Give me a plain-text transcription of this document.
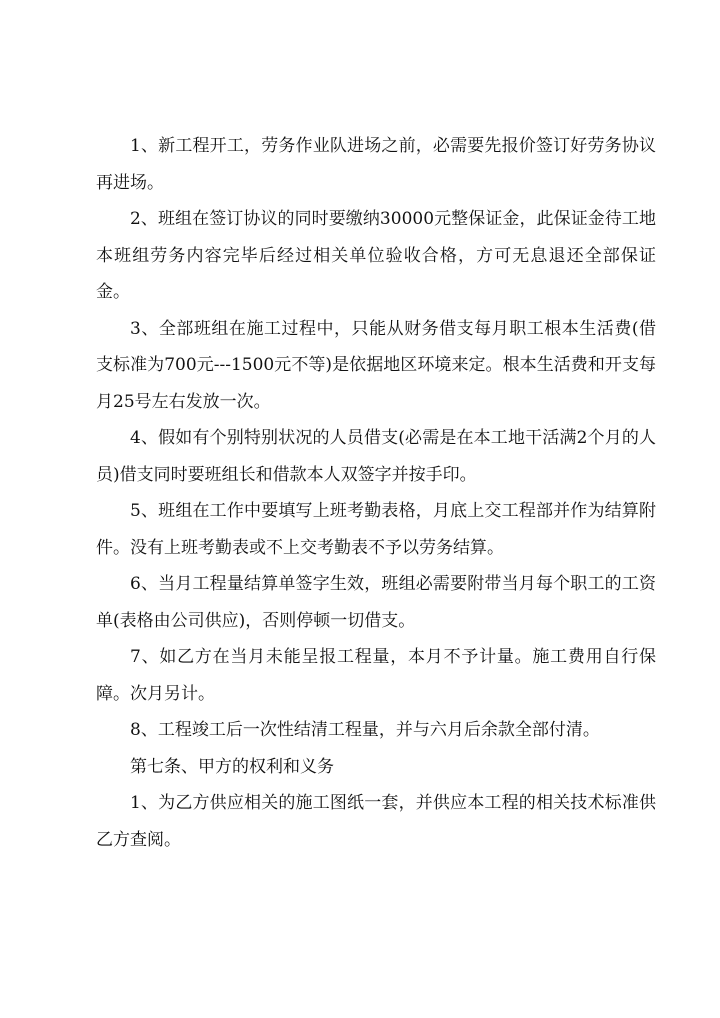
1、新工程开工，劳务作业队进场之前，必需要先报价签订好劳务协议再进场。

2、班组在签订协议的同时要缴纳30000元整保证金，此保证金待工地本班组劳务内容完毕后经过相关单位验收合格，方可无息退还全部保证金。

3、全部班组在施工过程中，只能从财务借支每月职工根本生活费(借支标准为700元---1500元不等)是依据地区环境来定。根本生活费和开支每月25号左右发放一次。

4、假如有个别特别状况的人员借支(必需是在本工地干活满2个月的人员)借支同时要班组长和借款本人双签字并按手印。

5、班组在工作中要填写上班考勤表格，月底上交工程部并作为结算附件。没有上班考勤表或不上交考勤表不予以劳务结算。

6、当月工程量结算单签字生效，班组必需要附带当月每个职工的工资单(表格由公司供应)，否则停顿一切借支。

7、如乙方在当月未能呈报工程量，本月不予计量。施工费用自行保障。次月另计。

8、工程竣工后一次性结清工程量，并与六月后余款全部付清。

第七条、甲方的权利和义务

1、为乙方供应相关的施工图纸一套，并供应本工程的相关技术标准供乙方查阅。
